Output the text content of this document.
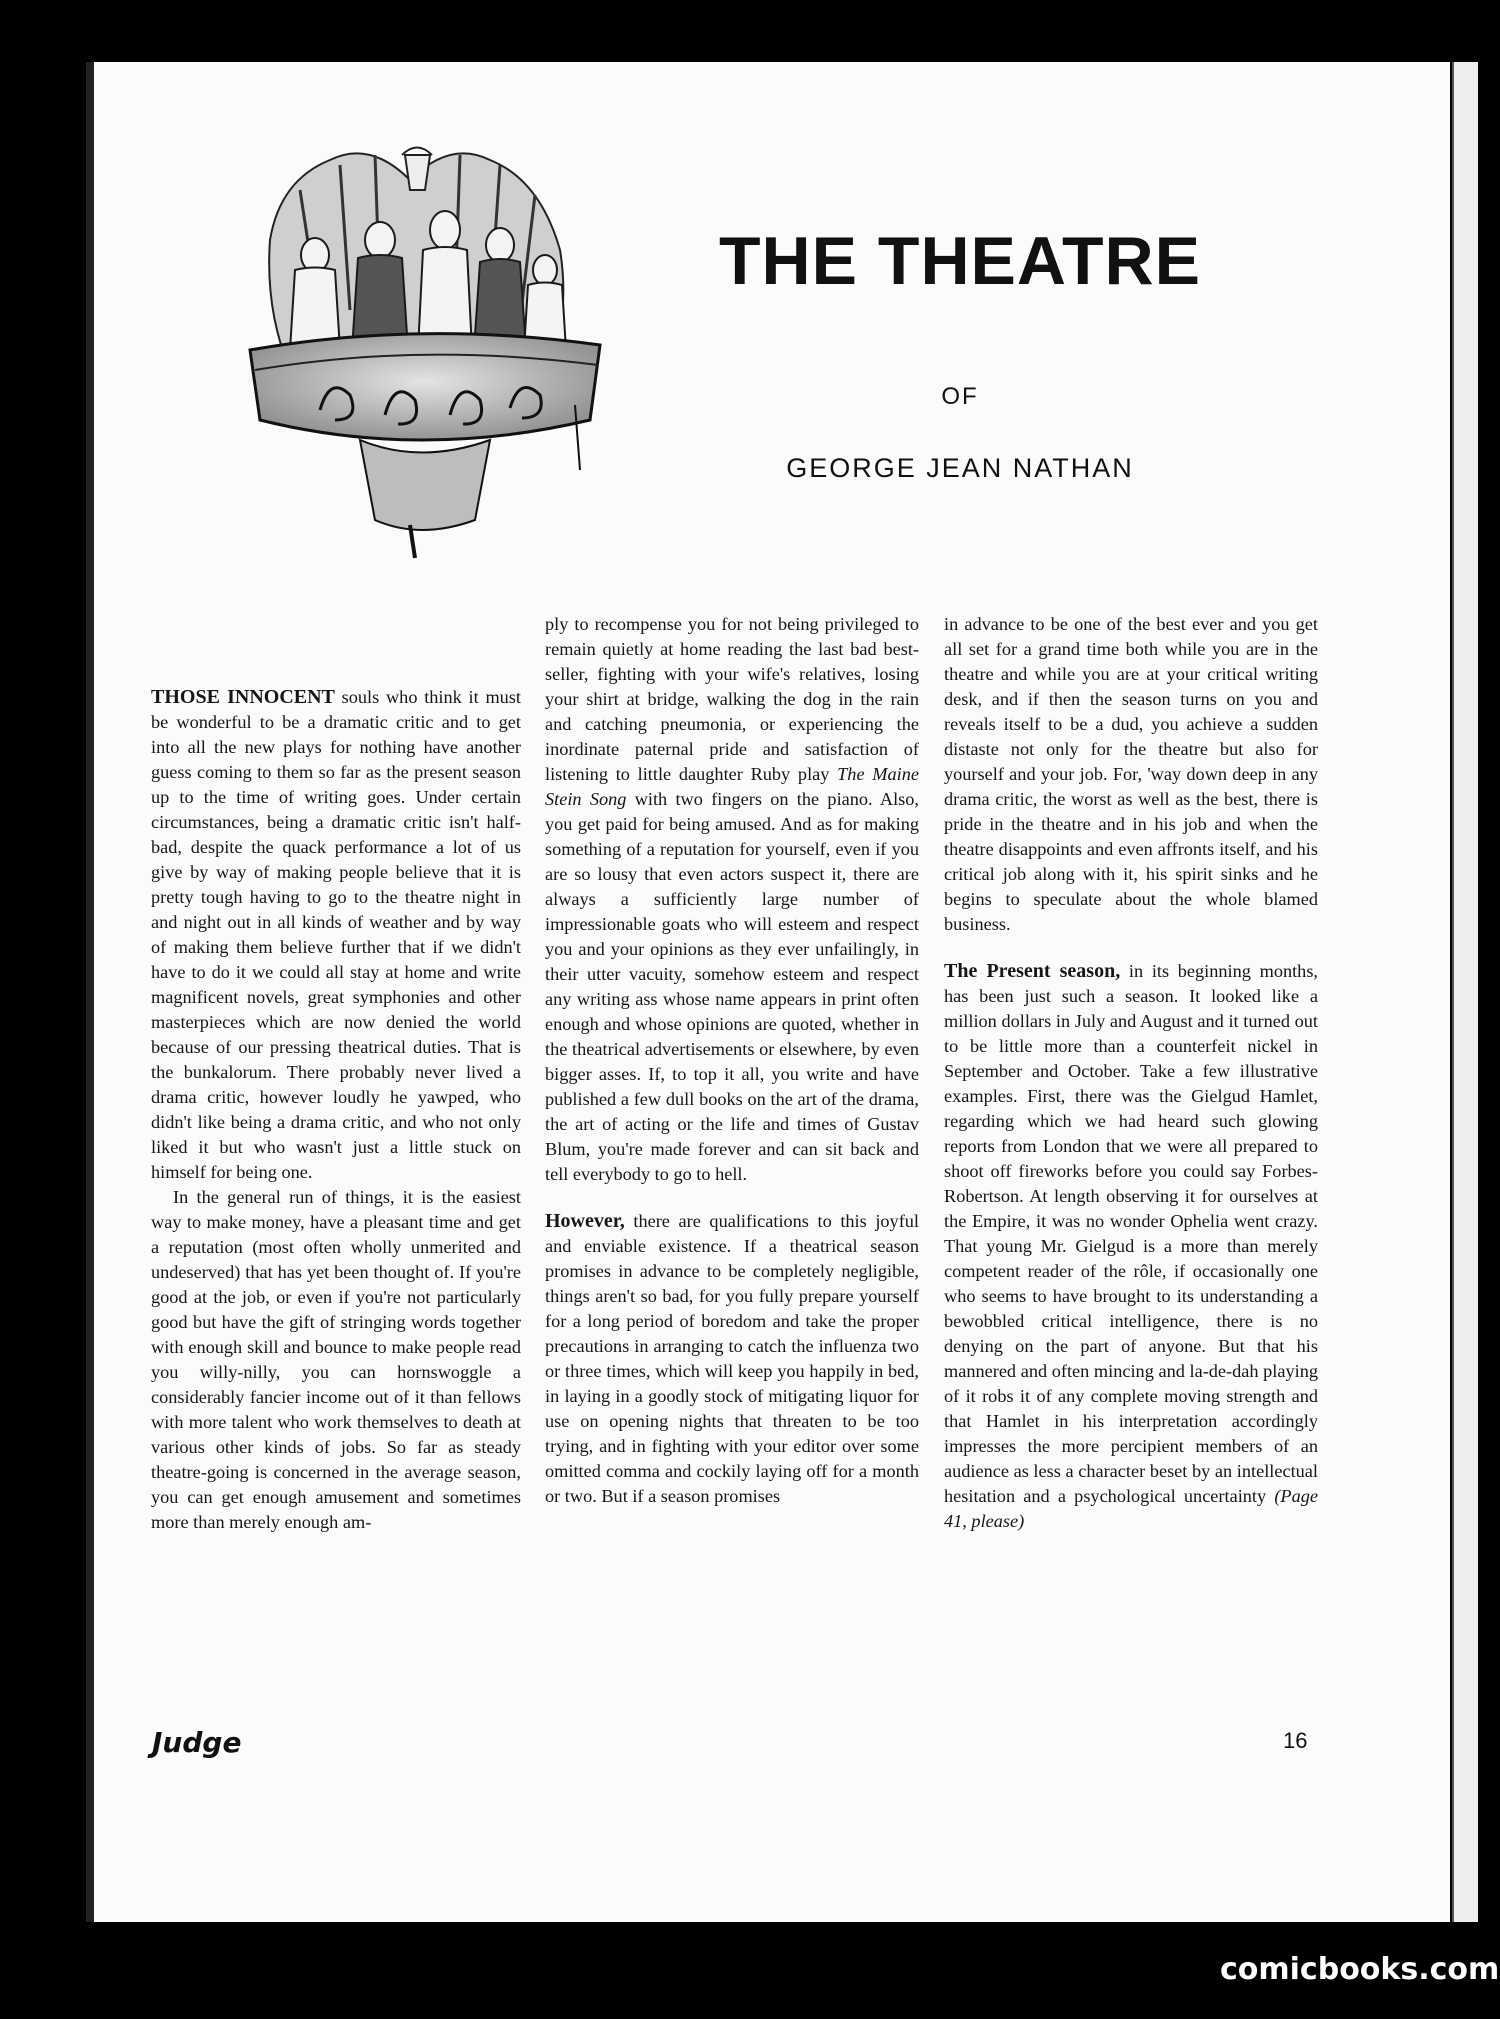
THE THEATRE
OF
GEORGE JEAN NATHAN

THOSE INNOCENT souls who think it must be wonderful to be a dramatic critic and to get into all the new plays for nothing have another guess coming to them so far as the present season up to the time of writing goes. Under certain circumstances, being a dramatic critic isn't half-bad, despite the quack performance a lot of us give by way of making people believe that it is pretty tough having to go to the theatre night in and night out in all kinds of weather and by way of making them believe further that if we didn't have to do it we could all stay at home and write magnificent novels, great symphonies and other masterpieces which are now denied the world because of our pressing theatrical duties. That is the bunkalorum. There probably never lived a drama critic, however loudly he yawped, who didn't like being a drama critic, and who not only liked it but who wasn't just a little stuck on himself for being one.

In the general run of things, it is the easiest way to make money, have a pleasant time and get a reputation (most often wholly unmerited and undeserved) that has yet been thought of. If you're good at the job, or even if you're not particularly good but have the gift of stringing words together with enough skill and bounce to make people read you willy-nilly, you can hornswoggle a considerably fancier income out of it than fellows with more talent who work themselves to death at various other kinds of jobs. So far as steady theatre-going is concerned in the average season, you can get enough amusement and sometimes more than merely enough am-

ply to recompense you for not being privileged to remain quietly at home reading the last bad best-seller, fighting with your wife's relatives, losing your shirt at bridge, walking the dog in the rain and catching pneumonia, or experiencing the inordinate paternal pride and satisfaction of listening to little daughter Ruby play The Maine Stein Song with two fingers on the piano. Also, you get paid for being amused. And as for making something of a reputation for yourself, even if you are so lousy that even actors suspect it, there are always a sufficiently large number of impressionable goats who will esteem and respect you and your opinions as they ever unfailingly, in their utter vacuity, somehow esteem and respect any writing ass whose name appears in print often enough and whose opinions are quoted, whether in the theatrical advertisements or elsewhere, by even bigger asses. If, to top it all, you write and have published a few dull books on the art of the drama, the art of acting or the life and times of Gustav Blum, you're made forever and can sit back and tell everybody to go to hell.

However, there are qualifications to this joyful and enviable existence. If a theatrical season promises in advance to be completely negligible, things aren't so bad, for you fully prepare yourself for a long period of boredom and take the proper precautions in arranging to catch the influenza two or three times, which will keep you happily in bed, in laying in a goodly stock of mitigating liquor for use on opening nights that threaten to be too trying, and in fighting with your editor over some omitted comma and cockily laying off for a month or two. But if a season promises

in advance to be one of the best ever and you get all set for a grand time both while you are in the theatre and while you are at your critical writing desk, and if then the season turns on you and reveals itself to be a dud, you achieve a sudden distaste not only for the theatre but also for yourself and your job. For, 'way down deep in any drama critic, the worst as well as the best, there is pride in the theatre and in his job and when the theatre disappoints and even affronts itself, and his critical job along with it, his spirit sinks and he begins to speculate about the whole blamed business.

The Present season, in its beginning months, has been just such a season. It looked like a million dollars in July and August and it turned out to be little more than a counterfeit nickel in September and October. Take a few illustrative examples. First, there was the Gielgud Hamlet, regarding which we had heard such glowing reports from London that we were all prepared to shoot off fireworks before you could say Forbes-Robertson. At length observing it for ourselves at the Empire, it was no wonder Ophelia went crazy. That young Mr. Gielgud is a more than merely competent reader of the rôle, if occasionally one who seems to have brought to its understanding a bewobbled critical intelligence, there is no denying on the part of anyone. But that his mannered and often mincing and la-de-dah playing of it robs it of any complete moving strength and that Hamlet in his interpretation accordingly impresses the more percipient members of an audience as less a character beset by an intellectual hesitation and a psychological uncertainty (Page 41, please)

Judge	16
comicbooks.com
